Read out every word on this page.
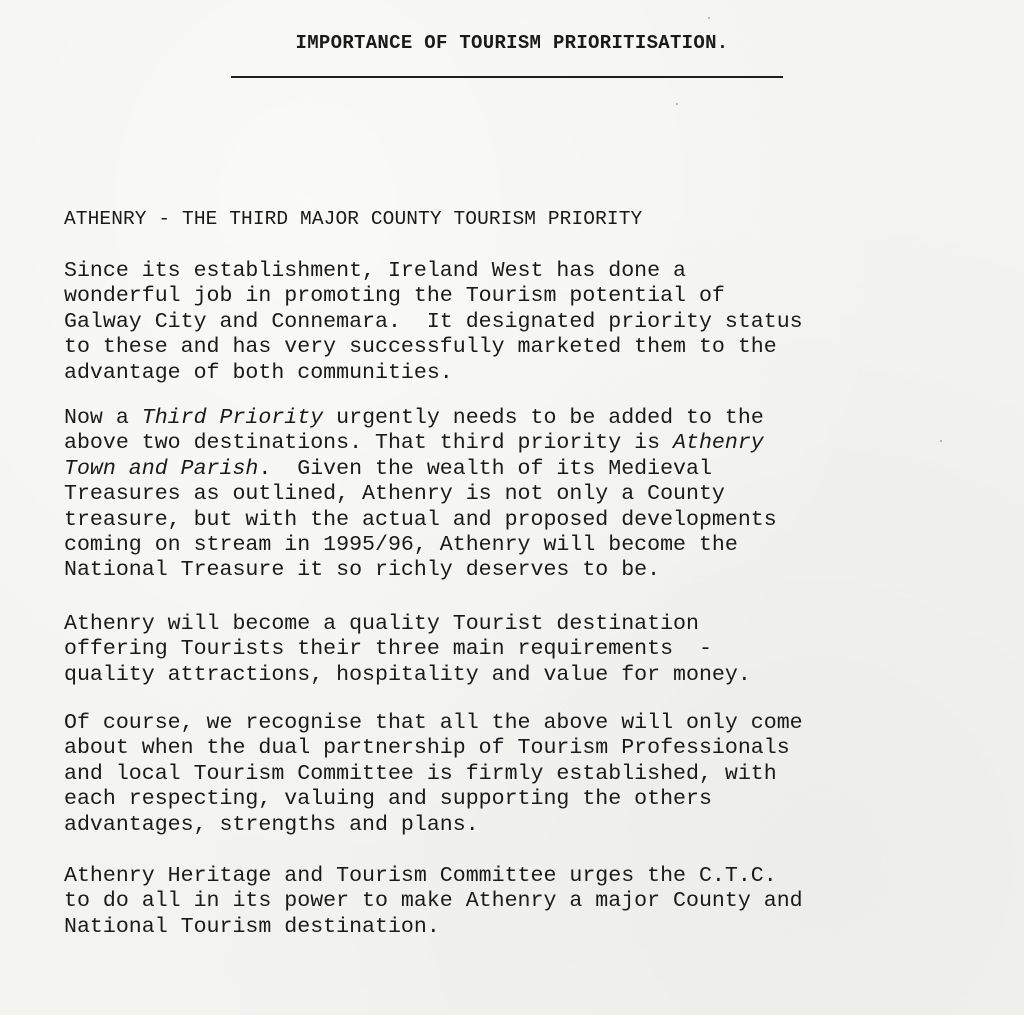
IMPORTANCE OF TOURISM PRIORITISATION.
ATHENRY - THE THIRD MAJOR COUNTY TOURISM PRIORITY
Since its establishment, Ireland West has done a
wonderful job in promoting the Tourism potential of
Galway City and Connemara.  It designated priority status
to these and has very successfully marketed them to the
advantage of both communities.
Now a Third Priority urgently needs to be added to the
above two destinations. That third priority is Athenry
Town and Parish.  Given the wealth of its Medieval
Treasures as outlined, Athenry is not only a County
treasure, but with the actual and proposed developments
coming on stream in 1995/96, Athenry will become the
National Treasure it so richly deserves to be.
Athenry will become a quality Tourist destination
offering Tourists their three main requirements  -
quality attractions, hospitality and value for money.
Of course, we recognise that all the above will only come
about when the dual partnership of Tourism Professionals
and local Tourism Committee is firmly established, with
each respecting, valuing and supporting the others
advantages, strengths and plans.
Athenry Heritage and Tourism Committee urges the C.T.C.
to do all in its power to make Athenry a major County and
National Tourism destination.
